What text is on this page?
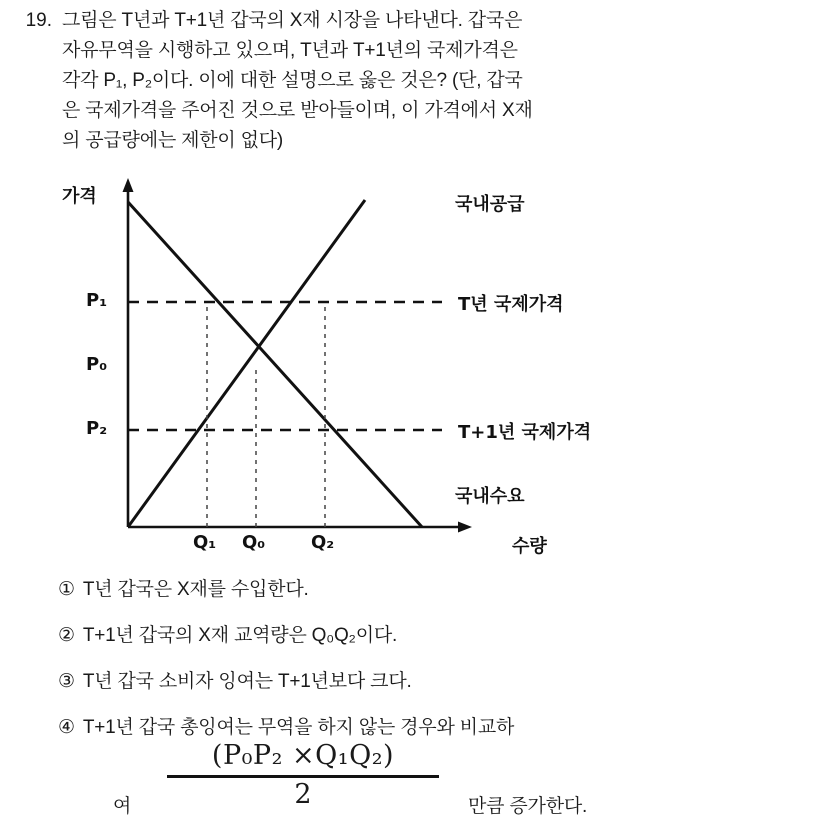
19. 그림은 T년과 T+1년 갑국의 X재 시장을 나타낸다. 갑국은
자유무역을 시행하고 있으며, T년과 T+1년의 국제가격은
각각 P₁, P₂이다. 이에 대한 설명으로 옳은 것은? (단, 갑국
은 국제가격을 주어진 것으로 받아들이며, 이 가격에서 X재
의 공급량에는 제한이 없다)
가격
수량
국내공급
국내수요
P₁
P₀
P₂
Q₁ Q₀	Q₂
T년 국제가격
T+1년 국제가격
① T년 갑국은 X재를 수입한다.
② T+1년 갑국의 X재 교역량은 Q₀Q₂이다.
③ T년 갑국 소비자 잉여는 T+1년보다 크다.
④ T+1년 갑국 총잉여는 무역을 하지 않는 경우와 비교하
여
(P₀P₂ ×Q₁Q₂)
2	만큼 증가한다.
